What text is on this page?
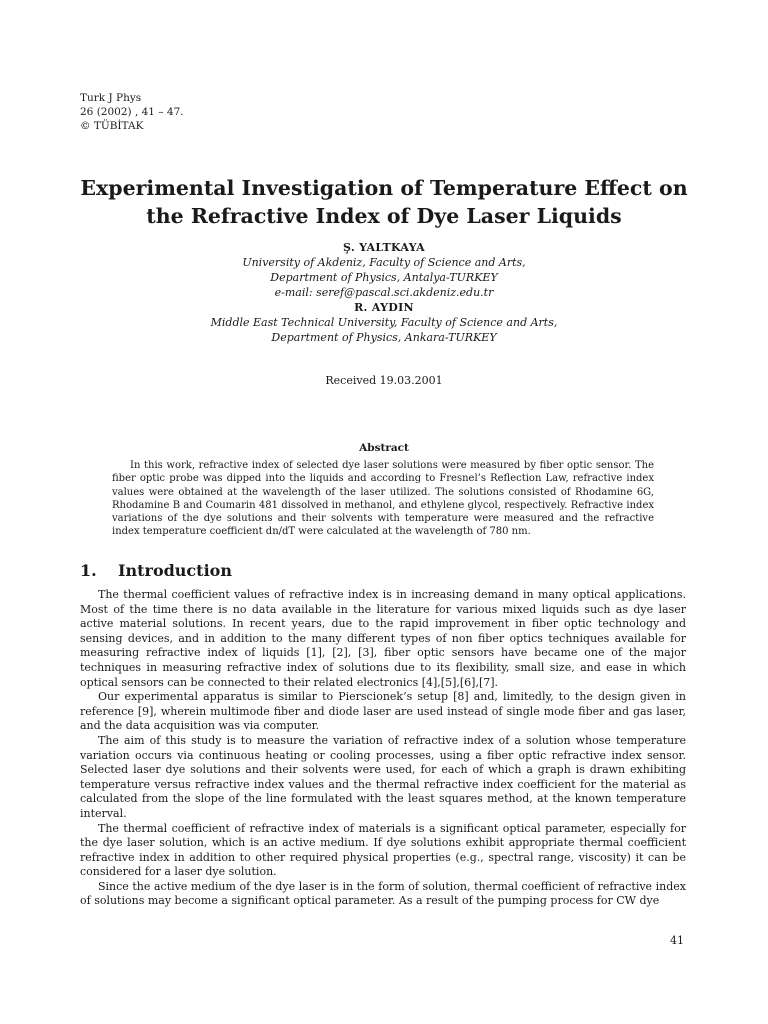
Turk J Phys
26 (2002) , 41 – 47.
© TÜBİTAK
Experimental Investigation of Temperature Effect on
the Refractive Index of Dye Laser Liquids
Ş. YALTKAYA
University of Akdeniz, Faculty of Science and Arts,
Department of Physics, Antalya-TURKEY
e-mail: seref@pascal.sci.akdeniz.edu.tr
R. AYDIN
Middle East Technical University, Faculty of Science and Arts,
Department of Physics, Ankara-TURKEY
Received 19.03.2001
Abstract
In this work, refractive index of selected dye laser solutions were measured by fiber optic sensor. The fiber optic probe was dipped into the liquids and according to Fresnel’s Reflection Law, refractive index values were obtained at the wavelength of the laser utilized. The solutions consisted of Rhodamine 6G, Rhodamine B and Coumarin 481 dissolved in methanol, and ethylene glycol, respectively. Refractive index variations of the dye solutions and their solvents with temperature were measured and the refractive index temperature coefficient dn/dT were calculated at the wavelength of 780 nm.
1. Introduction

The thermal coefficient values of refractive index is in increasing demand in many optical applications. Most of the time there is no data available in the literature for various mixed liquids such as dye laser active material solutions. In recent years, due to the rapid improvement in fiber optic technology and sensing devices, and in addition to the many different types of non fiber optics techniques available for measuring refractive index of liquids [1], [2], [3], fiber optic sensors have became one of the major techniques in measuring refractive index of solutions due to its flexibility, small size, and ease in which optical sensors can be connected to their related electronics [4],[5],[6],[7].

Our experimental apparatus is similar to Pierscionek’s setup [8] and, limitedly, to the design given in reference [9], wherein multimode fiber and diode laser are used instead of single mode fiber and gas laser, and the data acquisition was via computer.

The aim of this study is to measure the variation of refractive index of a solution whose temperature variation occurs via continuous heating or cooling processes, using a fiber optic refractive index sensor. Selected laser dye solutions and their solvents were used, for each of which a graph is drawn exhibiting temperature versus refractive index values and the thermal refractive index coefficient for the material as calculated from the slope of the line formulated with the least squares method, at the known temperature interval.

The thermal coefficient of refractive index of materials is a significant optical parameter, especially for the dye laser solution, which is an active medium. If dye solutions exhibit appropriate thermal coefficient refractive index in addition to other required physical properties (e.g., spectral range, viscosity) it can be considered for a laser dye solution.

Since the active medium of the dye laser is in the form of solution, thermal coefficient of refractive index of solutions may become a significant optical parameter. As a result of the pumping process for CW dye

41
